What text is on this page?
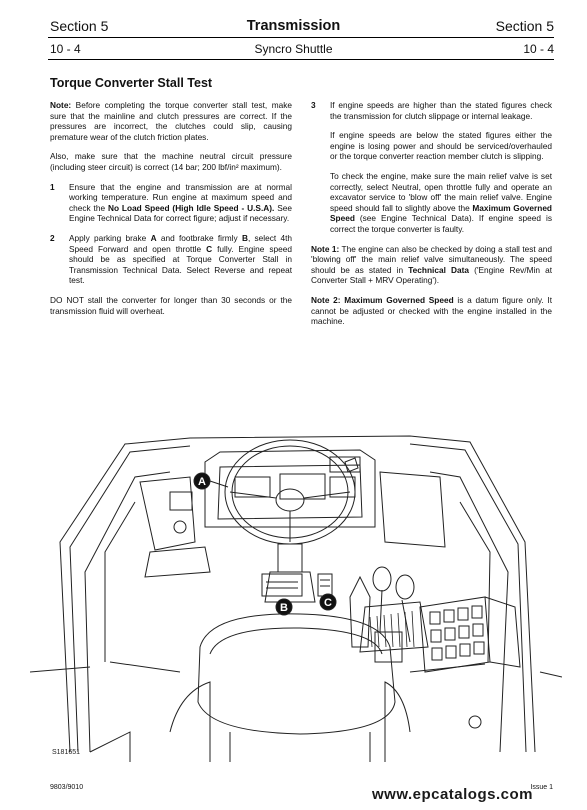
Section 5	Transmission	Section 5
10 - 4	Syncro Shuttle	10 - 4
Torque Converter Stall Test

Note: Before completing the torque converter stall test, make sure that the mainline and clutch pressures are correct. If the pressures are incorrect, the clutches could slip, causing premature wear of the clutch friction plates.

Also, make sure that the machine neutral circuit pressure (including steer circuit) is correct (14 bar; 200 lbf/in² maximum).

1	Ensure that the engine and transmission are at normal working temperature. Run engine at maximum speed and check the No Load Speed (High Idle Speed - U.S.A). See Engine Technical Data for correct figure; adjust if necessary.
2	Apply parking brake A and footbrake firmly B, select 4th Speed Forward and open throttle C fully. Engine speed should be as specified at Torque Converter Stall in Transmission Technical Data. Select Reverse and repeat test.

DO NOT stall the converter for longer than 30 seconds or the transmission fluid will overheat.

3	If engine speeds are higher than the stated figures check the transmission for clutch slippage or internal leakage.

If engine speeds are below the stated figures either the engine is losing power and should be serviced/overhauled or the torque converter reaction member clutch is slipping.

To check the engine, make sure the main relief valve is set correctly, select Neutral, open throttle fully and operate an excavator service to 'blow off' the main relief valve. Engine speed should fall to slightly above the Maximum Governed Speed (see Engine Technical Data). If engine speed is correct the torque converter is faulty.

Note 1: The engine can also be checked by doing a stall test and 'blowing off' the main relief valve simultaneously. The speed should be as stated in Technical Data ('Engine Rev/Min at Converter Stall + MRV Operating').

Note 2: Maximum Governed Speed is a datum figure only. It cannot be adjusted or checked with the engine installed in the machine.

A
B	C
S181651
9803/9010	Issue 1
www.epcatalogs.com
